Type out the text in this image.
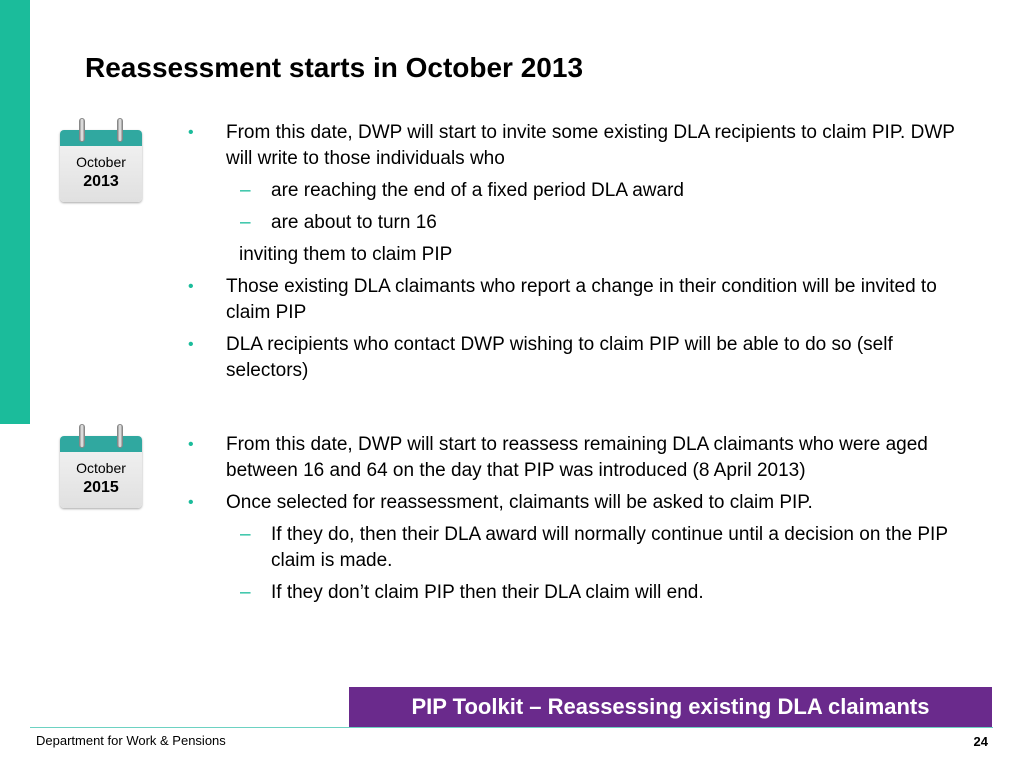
Reassessment starts in October 2013
October
2013
October
2015
• From this date, DWP will start to invite some existing DLA recipients to claim PIP. DWP will write to those individuals who
– are reaching the end of a fixed period DLA award
– are about to turn 16
inviting them to claim PIP
• Those existing DLA claimants who report a change in their condition will be invited to claim PIP
• DLA recipients who contact DWP wishing to claim PIP will be able to do so (self selectors)
• From this date, DWP will start to reassess remaining DLA claimants who were aged between 16 and 64 on the day that PIP was introduced (8 April 2013)
• Once selected for reassessment, claimants will be asked to claim PIP.
– If they do, then their DLA award will normally continue until a decision on the PIP claim is made.
– If they don’t claim PIP then their DLA claim will end.
PIP Toolkit – Reassessing existing DLA claimants
Department for Work & Pensions	24
